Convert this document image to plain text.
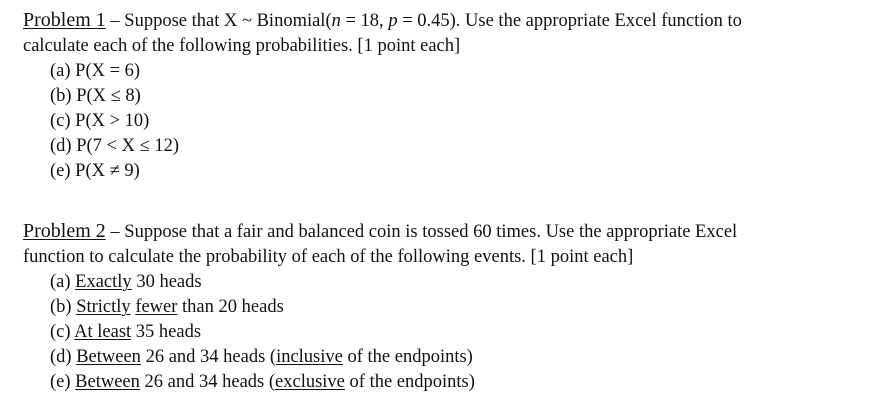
Problem 1 – Suppose that X ~ Binomial(n = 18, p = 0.45). Use the appropriate Excel function to
calculate each of the following probabilities. [1 point each]
(a) P(X = 6)
(b) P(X ≤ 8)
(c) P(X > 10)
(d) P(7 < X ≤ 12)
(e) P(X ≠ 9)
Problem 2 – Suppose that a fair and balanced coin is tossed 60 times. Use the appropriate Excel
function to calculate the probability of each of the following events. [1 point each]
(a) Exactly 30 heads
(b) Strictly fewer than 20 heads
(c) At least 35 heads
(d) Between 26 and 34 heads (inclusive of the endpoints)
(e) Between 26 and 34 heads (exclusive of the endpoints)
